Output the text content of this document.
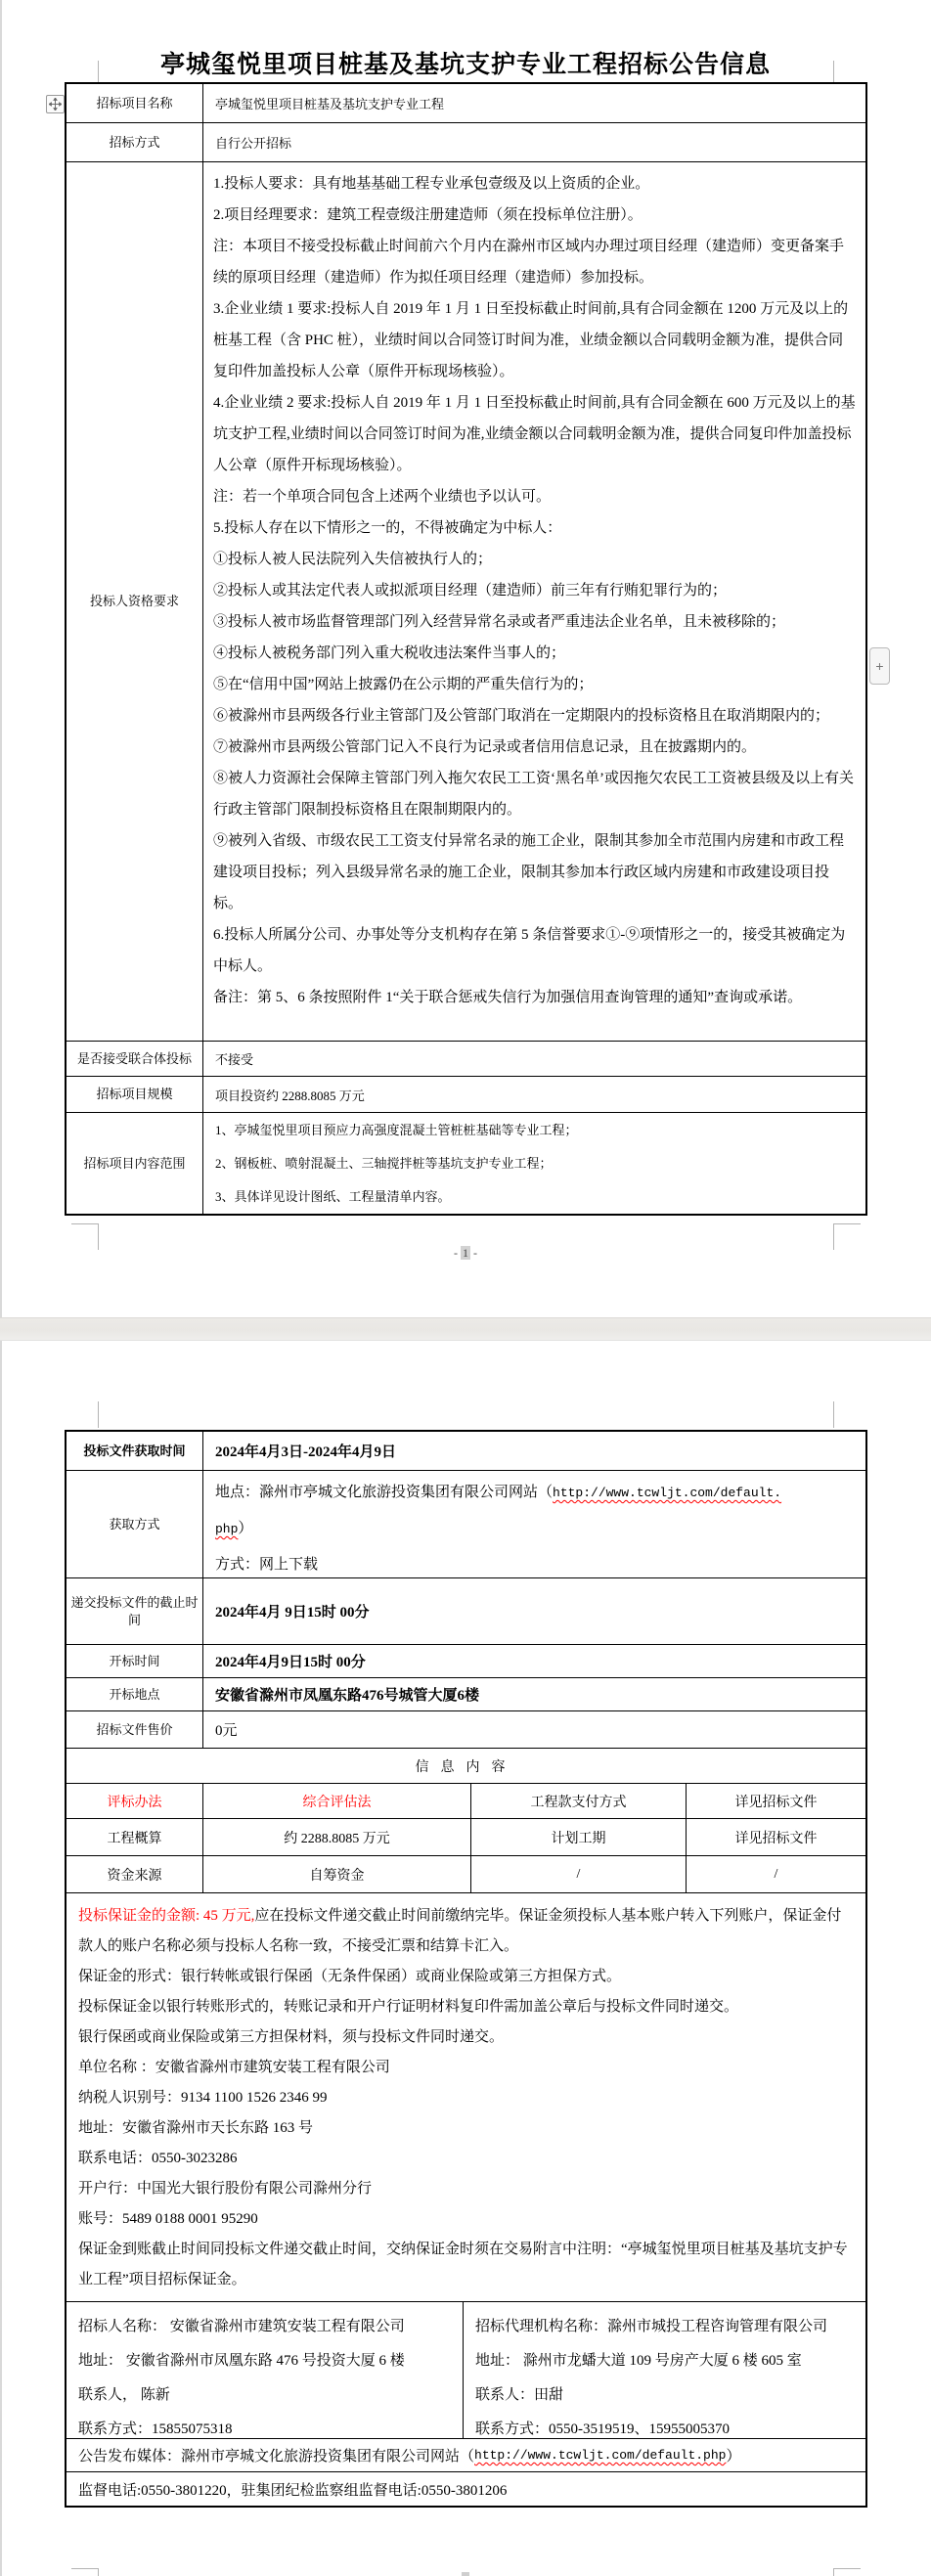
亭城玺悦里项目桩基及基坑支护专业工程招标公告信息
招标项目名称	亭城玺悦里项目桩基及基坑支护专业工程
招标方式	自行公开招标
投标人资格要求
1.投标人要求：具有地基基础工程专业承包壹级及以上资质的企业。
2.项目经理要求：建筑工程壹级注册建造师（须在投标单位注册）。
注：本项目不接受投标截止时间前六个月内在滁州市区域内办理过项目经理（建造师）变更备案手续的原项目经理（建造师）作为拟任项目经理（建造师）参加投标。
3.企业业绩 1 要求:投标人自 2019 年 1 月 1 日至投标截止时间前,具有合同金额在 1200 万元及以上的桩基工程（含 PHC 桩），业绩时间以合同签订时间为准，业绩金额以合同载明金额为准，提供合同复印件加盖投标人公章（原件开标现场核验）。
4.企业业绩 2 要求:投标人自 2019 年 1 月 1 日至投标截止时间前,具有合同金额在 600 万元及以上的基坑支护工程,业绩时间以合同签订时间为准,业绩金额以合同载明金额为准，提供合同复印件加盖投标人公章（原件开标现场核验）。
注：若一个单项合同包含上述两个业绩也予以认可。
5.投标人存在以下情形之一的，不得被确定为中标人：
①投标人被人民法院列入失信被执行人的；
②投标人或其法定代表人或拟派项目经理（建造师）前三年有行贿犯罪行为的；
③投标人被市场监督管理部门列入经营异常名录或者严重违法企业名单，且未被移除的；
④投标人被税务部门列入重大税收违法案件当事人的；
⑤在“信用中国”网站上披露仍在公示期的严重失信行为的；
⑥被滁州市县两级各行业主管部门及公管部门取消在一定期限内的投标资格且在取消期限内的；
⑦被滁州市县两级公管部门记入不良行为记录或者信用信息记录，且在披露期内的。
⑧被人力资源社会保障主管部门列入拖欠农民工工资‘黑名单’或因拖欠农民工工资被县级及以上有关行政主管部门限制投标资格且在限制期限内的。
⑨被列入省级、市级农民工工资支付异常名录的施工企业，限制其参加全市范围内房建和市政工程建设项目投标；列入县级异常名录的施工企业，限制其参加本行政区域内房建和市政建设项目投标。
6.投标人所属分公司、办事处等分支机构存在第 5 条信誉要求①-⑨项情形之一的，接受其被确定为中标人。
备注：第 5、6 条按照附件 1“关于联合惩戒失信行为加强信用查询管理的通知”查询或承诺。
是否接受联合体投标	不接受
招标项目规模	项目投资约 2288.8085 万元
招标项目内容范围
1、亭城玺悦里项目预应力高强度混凝土管桩桩基础等专业工程；
2、钢板桩、喷射混凝土、三轴搅拌桩等基坑支护专业工程；
3、具体详见设计图纸、工程量清单内容。
+
- 1 -
投标文件获取时间	2024年4月3日-2024年4月9日
获取方式
地点：滁州市亭城文化旅游投资集团有限公司网站（http://www.tcwljt.com/default.
php）
方式：网上下载
递交投标文件的截止时间	2024年4月 9日15时 00分
开标时间	2024年4月9日15时 00分
开标地点	安徽省滁州市凤凰东路476号城管大厦6楼
招标文件售价	0元
信息内容
评标办法	综合评估法	工程款支付方式	详见招标文件
工程概算	约 2288.8085 万元	计划工期	详见招标文件
资金来源	自筹资金	/	/

投标保证金的金额: 45 万元,应在投标文件递交截止时间前缴纳完毕。保证金须投标人基本账户转入下列账户，保证金付款人的账户名称必须与投标人名称一致，不接受汇票和结算卡汇入。

保证金的形式：银行转帐或银行保函（无条件保函）或商业保险或第三方担保方式。
投标保证金以银行转账形式的，转账记录和开户行证明材料复印件需加盖公章后与投标文件同时递交。
银行保函或商业保险或第三方担保材料，须与投标文件同时递交。
单位名称 ：安徽省滁州市建筑安装工程有限公司
纳税人识别号：9134 1100 1526 2346 99
地址：安徽省滁州市天长东路 163 号
联系电话：0550-3023286
开户行：中国光大银行股份有限公司滁州分行
账号：5489 0188 0001 95290
保证金到账截止时间同投标文件递交截止时间，交纳保证金时须在交易附言中注明：“亭城玺悦里项目桩基及基坑支护专业工程”项目招标保证金。
招标人名称： 安徽省滁州市建筑安装工程有限公司
地址： 安徽省滁州市凤凰东路 476 号投资大厦 6 楼
联系人， 陈新
联系方式：15855075318
招标代理机构名称：滁州市城投工程咨询管理有限公司
地址： 滁州市龙蟠大道 109 号房产大厦 6 楼 605 室
联系人：田甜
联系方式：0550-3519519、15955005370
公告发布媒体：滁州市亭城文化旅游投资集团有限公司网站（ http://www.tcwljt.com/default.php ）
监督电话:0550-3801220，驻集团纪检监察组监督电话:0550-3801206
